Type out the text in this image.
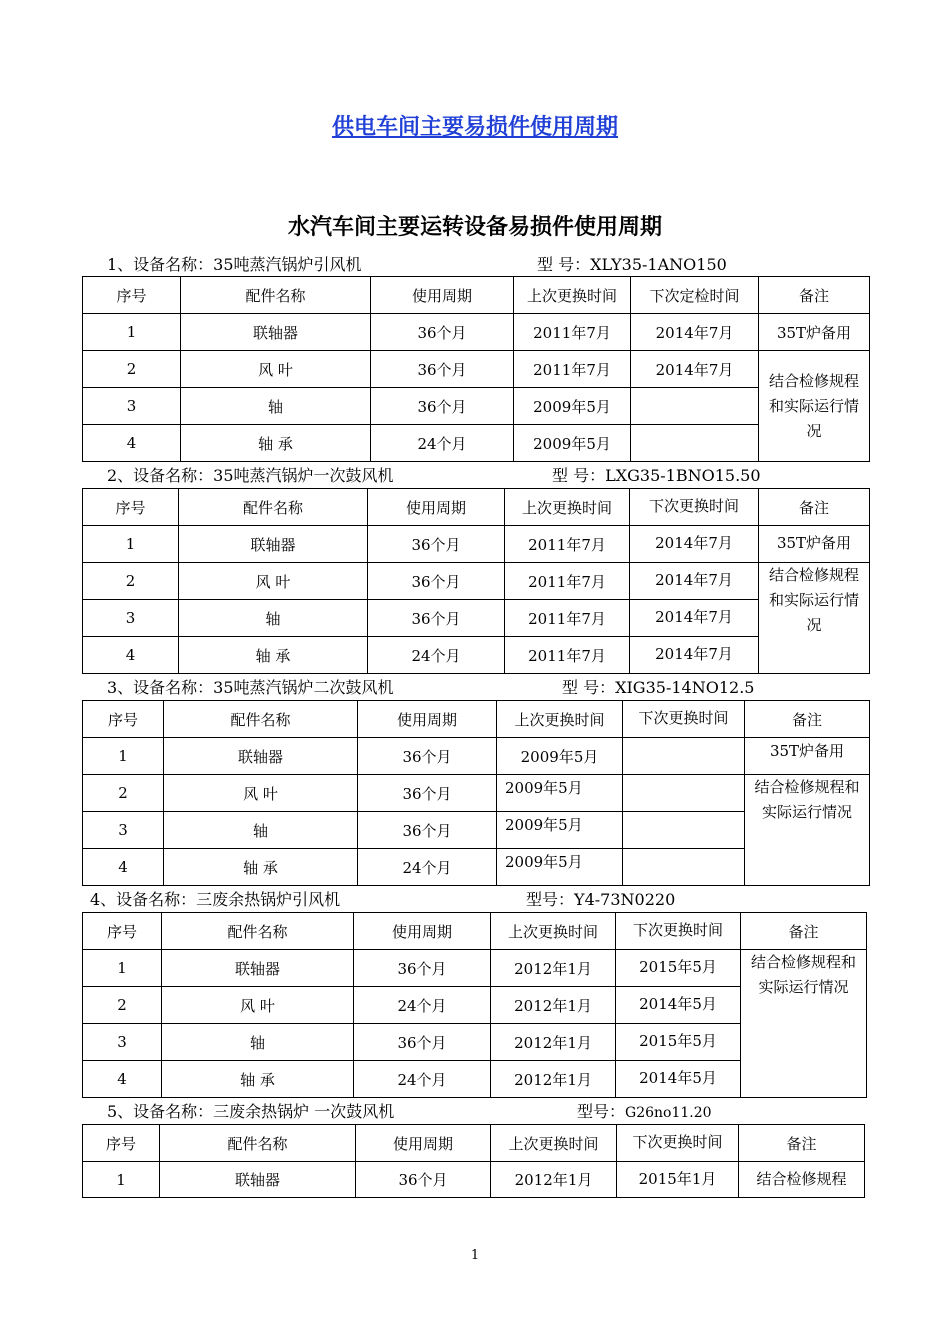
供电车间主要易损件使用周期
水汽车间主要运转设备易损件使用周期
1、设备名称：35吨蒸汽锅炉引风机	型 号：XLY35-1ANO150
序号	配件名称	使用周期	上次更换时间	下次定检时间	备注
1	联轴器	36个月	2011年7月	2014年7月	35T炉备用
2	风 叶	36个月	2011年7月	2014年7月	结合检修规程和实际运行情况
3	轴	36个月	2009年5月		
4	轴 承	24个月	2009年5月		
2、设备名称：35吨蒸汽锅炉一次鼓风机	型 号：LXG35-1BNO15.50
序号	配件名称	使用周期	上次更换时间	下次更换时间	备注
1	联轴器	36个月	2011年7月	2014年7月	35T炉备用
2	风 叶	36个月	2011年7月	2014年7月	结合检修规程和实际运行情况
3	轴	36个月	2011年7月	2014年7月	
4	轴 承	24个月	2011年7月	2014年7月	
3、设备名称：35吨蒸汽锅炉二次鼓风机	型 号：XIG35-14NO12.5
序号	配件名称	使用周期	上次更换时间	下次更换时间	备注
1	联轴器	36个月	2009年5月		35T炉备用
2	风 叶	36个月	2009年5月		结合检修规程和实际运行情况
3	轴	36个月	2009年5月		
4	轴 承	24个月	2009年5月		
4、设备名称：三废余热锅炉引风机	型号：Y4-73N0220
序号	配件名称	使用周期	上次更换时间	下次更换时间	备注
1	联轴器	36个月	2012年1月	2015年5月	结合检修规程和实际运行情况
2	风 叶	24个月	2012年1月	2014年5月	
3	轴	36个月	2012年1月	2015年5月	
4	轴 承	24个月	2012年1月	2014年5月	
5、设备名称：三废余热锅炉 一次鼓风机	型号：G26no11.20
序号	配件名称	使用周期	上次更换时间	下次更换时间	备注
1	联轴器	36个月	2012年1月	2015年1月	结合检修规程
1
